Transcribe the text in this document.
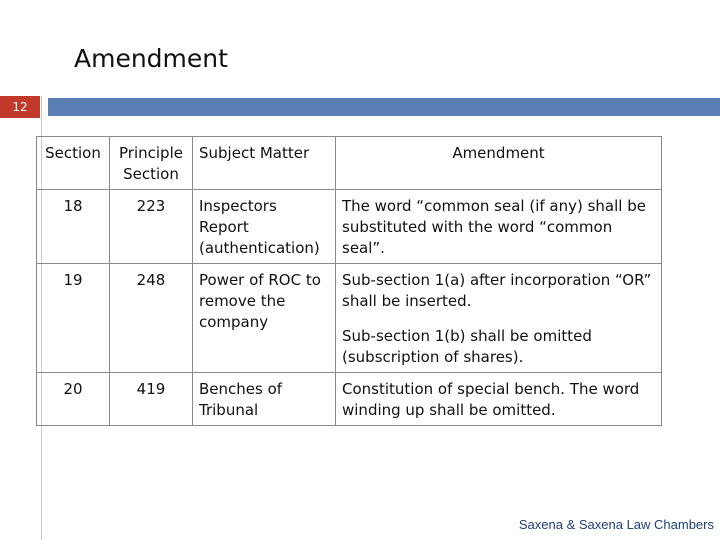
Amendment
12
Section	Principle Section	Subject Matter	Amendment
18	223	Inspectors Report (authentication)	The word “common seal (if any) shall be substituted with the word “common seal”.
19	248	Power of ROC to remove the company	Sub-section 1(a) after incorporation “OR” shall be inserted.
Sub-section 1(b) shall be omitted (subscription of shares).

20	419	Benches of Tribunal	Constitution of special bench. The word winding up shall be omitted.
Saxena & Saxena Law Chambers
